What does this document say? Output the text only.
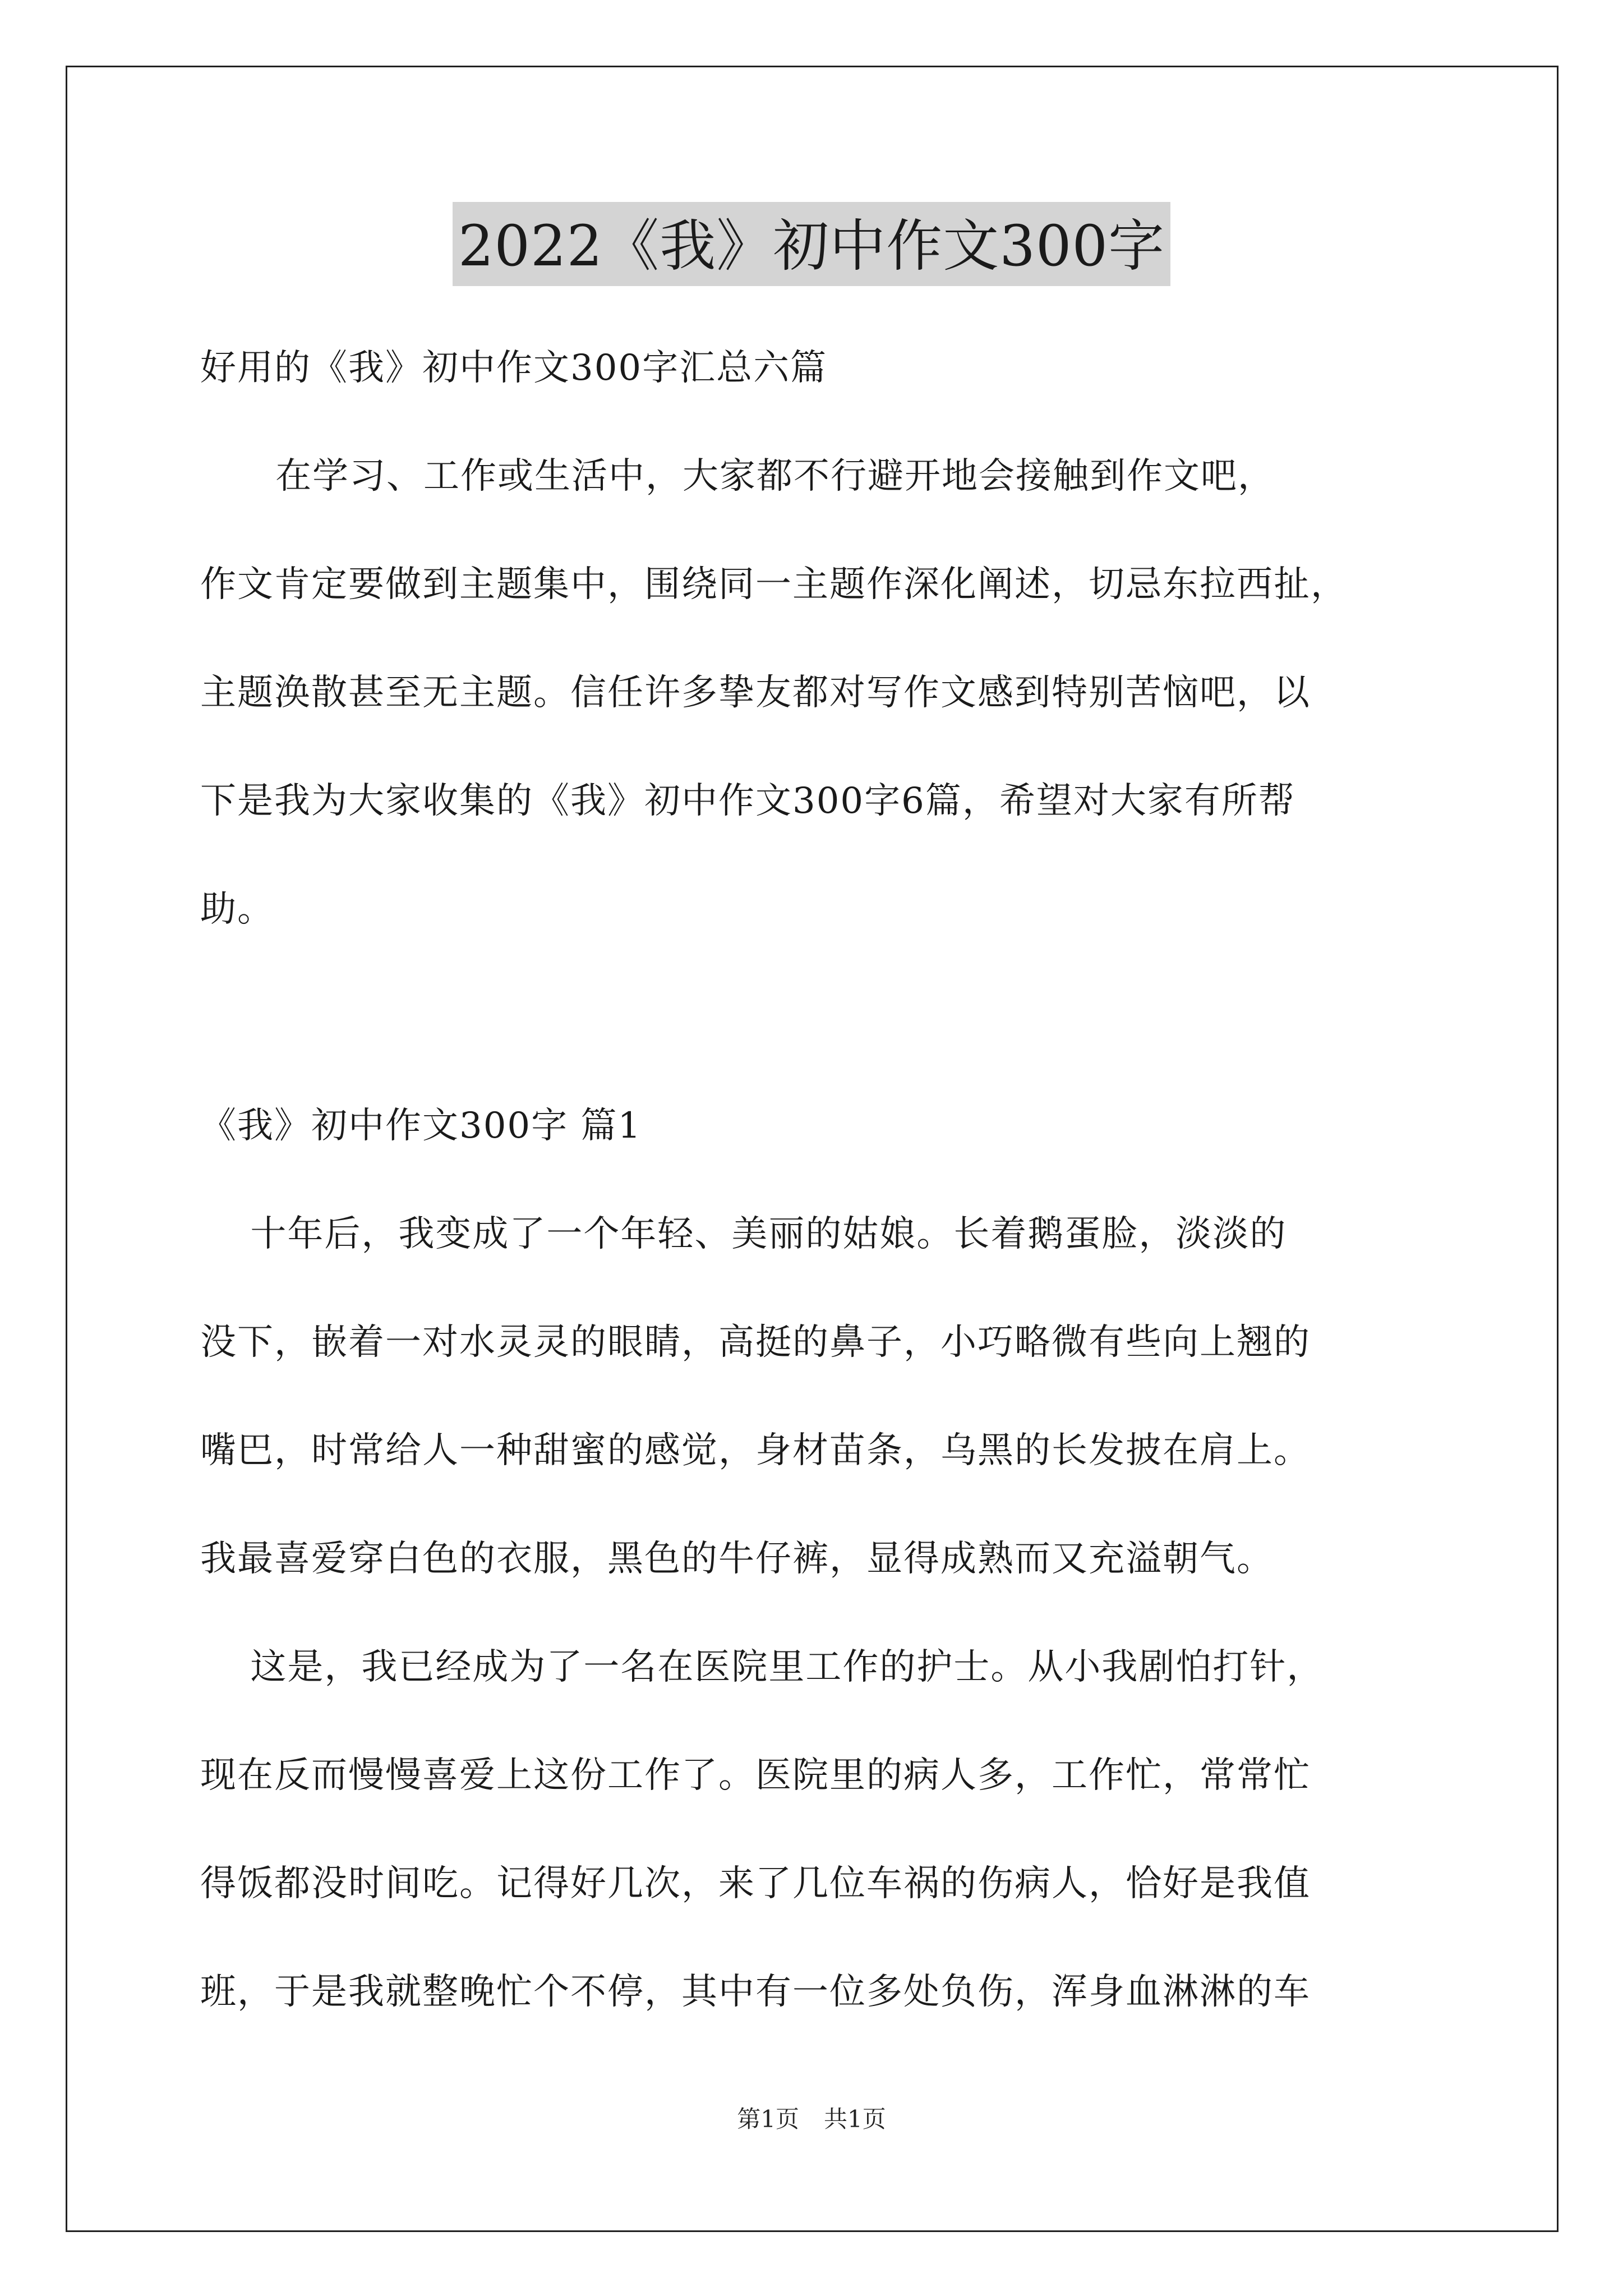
2022《我》初中作文300字
好用的《我》初中作文300字汇总六篇
在学习、工作或生活中，大家都不行避开地会接触到作文吧，
作文肯定要做到主题集中，围绕同一主题作深化阐述，切忌东拉西扯，
主题涣散甚至无主题。信任许多挚友都对写作文感到特别苦恼吧，以
下是我为大家收集的《我》初中作文300字6篇，希望对大家有所帮
助。
《我》初中作文300字 篇1
十年后，我变成了一个年轻、美丽的姑娘。长着鹅蛋脸，淡淡的
没下，嵌着一对水灵灵的眼睛，高挺的鼻子，小巧略微有些向上翘的
嘴巴，时常给人一种甜蜜的感觉，身材苗条，乌黑的长发披在肩上。
我最喜爱穿白色的衣服，黑色的牛仔裤，显得成熟而又充溢朝气。
这是，我已经成为了一名在医院里工作的护士。从小我剧怕打针，
现在反而慢慢喜爱上这份工作了。医院里的病人多，工作忙，常常忙
得饭都没时间吃。记得好几次，来了几位车祸的伤病人，恰好是我值
班，于是我就整晚忙个不停，其中有一位多处负伤，浑身血淋淋的车
第1页 共1页
